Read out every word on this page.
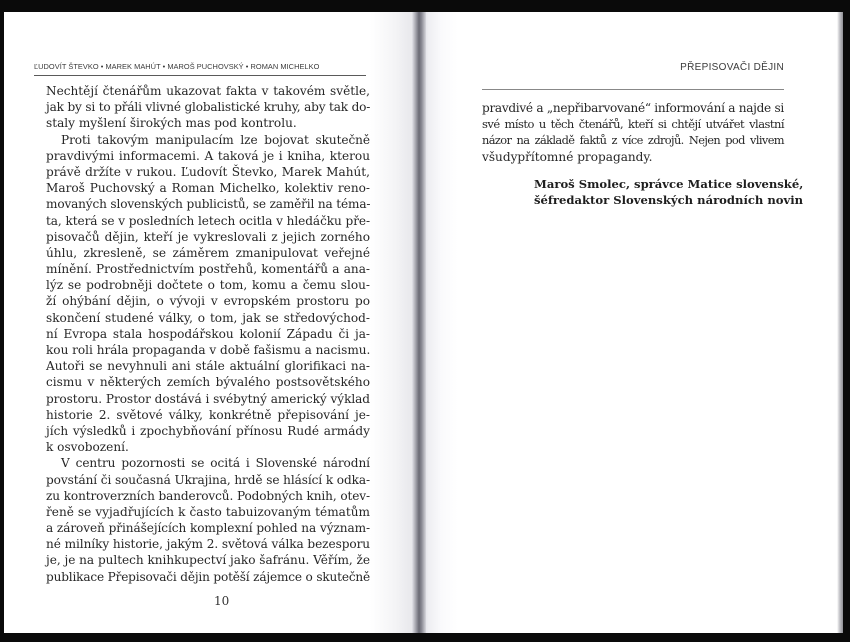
ĽUDOVÍT ŠTEVKO • MAREK MAHÚT • MAROŠ PUCHOVSKÝ • ROMAN MICHELKO
Nechtějí čtenářům ukazovat fakta v takovém světle,
jak by si to přáli vlivné globalistické kruhy, aby tak do-
staly myšlení širokých mas pod kontrolu.
Proti takovým manipulacím lze bojovat skutečně
pravdivými informacemi. A taková je i kniha, kterou
právě držíte v rukou. Ľudovít Števko, Marek Mahút,
Maroš Puchovský a Roman Michelko, kolektiv reno-
movaných slovenských publicistů, se zaměřil na téma-
ta, která se v posledních letech ocitla v hledáčku pře-
pisovačů dějin, kteří je vykreslovali z jejich zorného
úhlu, zkresleně, se záměrem zmanipulovat veřejné
mínění. Prostřednictvím postřehů, komentářů a ana-
lýz se podrobněji dočtete o tom, komu a čemu slou-
ží ohýbání dějin, o vývoji v evropském prostoru po
skončení studené války, o tom, jak se středovýchod-
ní Evropa stala hospodářskou kolonií Západu či ja-
kou roli hrála propaganda v době fašismu a nacismu.
Autoři se nevyhnuli ani stále aktuální glorifikaci na-
cismu v některých zemích bývalého postsovětského
prostoru. Prostor dostává i svébytný americký výklad
historie 2. světové války, konkrétně přepisování je-
jích výsledků i zpochybňování přínosu Rudé armády
k osvobození.
V centru pozornosti se ocitá i Slovenské národní
povstání či současná Ukrajina, hrdě se hlásící k odka-
zu kontroverzních banderovců. Podobných knih, otev-
řeně se vyjadřujících k často tabuizovaným tématům
a zároveň přinášejících komplexní pohled na význam-
né milníky historie, jakým 2. světová válka bezesporu
je, je na pultech knihkupectví jako šafránu. Věřím, že
publikace Přepisovači dějin potěší zájemce o skutečně
10
PŘEPISOVAČI DĚJIN
pravdivé a „nepřibarvované“ informování a najde si
své místo u těch čtenářů, kteří si chtějí utvářet vlastní
názor na základě faktů z více zdrojů. Nejen pod vlivem
všudypřítomné propagandy.
Maroš Smolec, správce Matice slovenské,
šéfredaktor Slovenských národních novin
